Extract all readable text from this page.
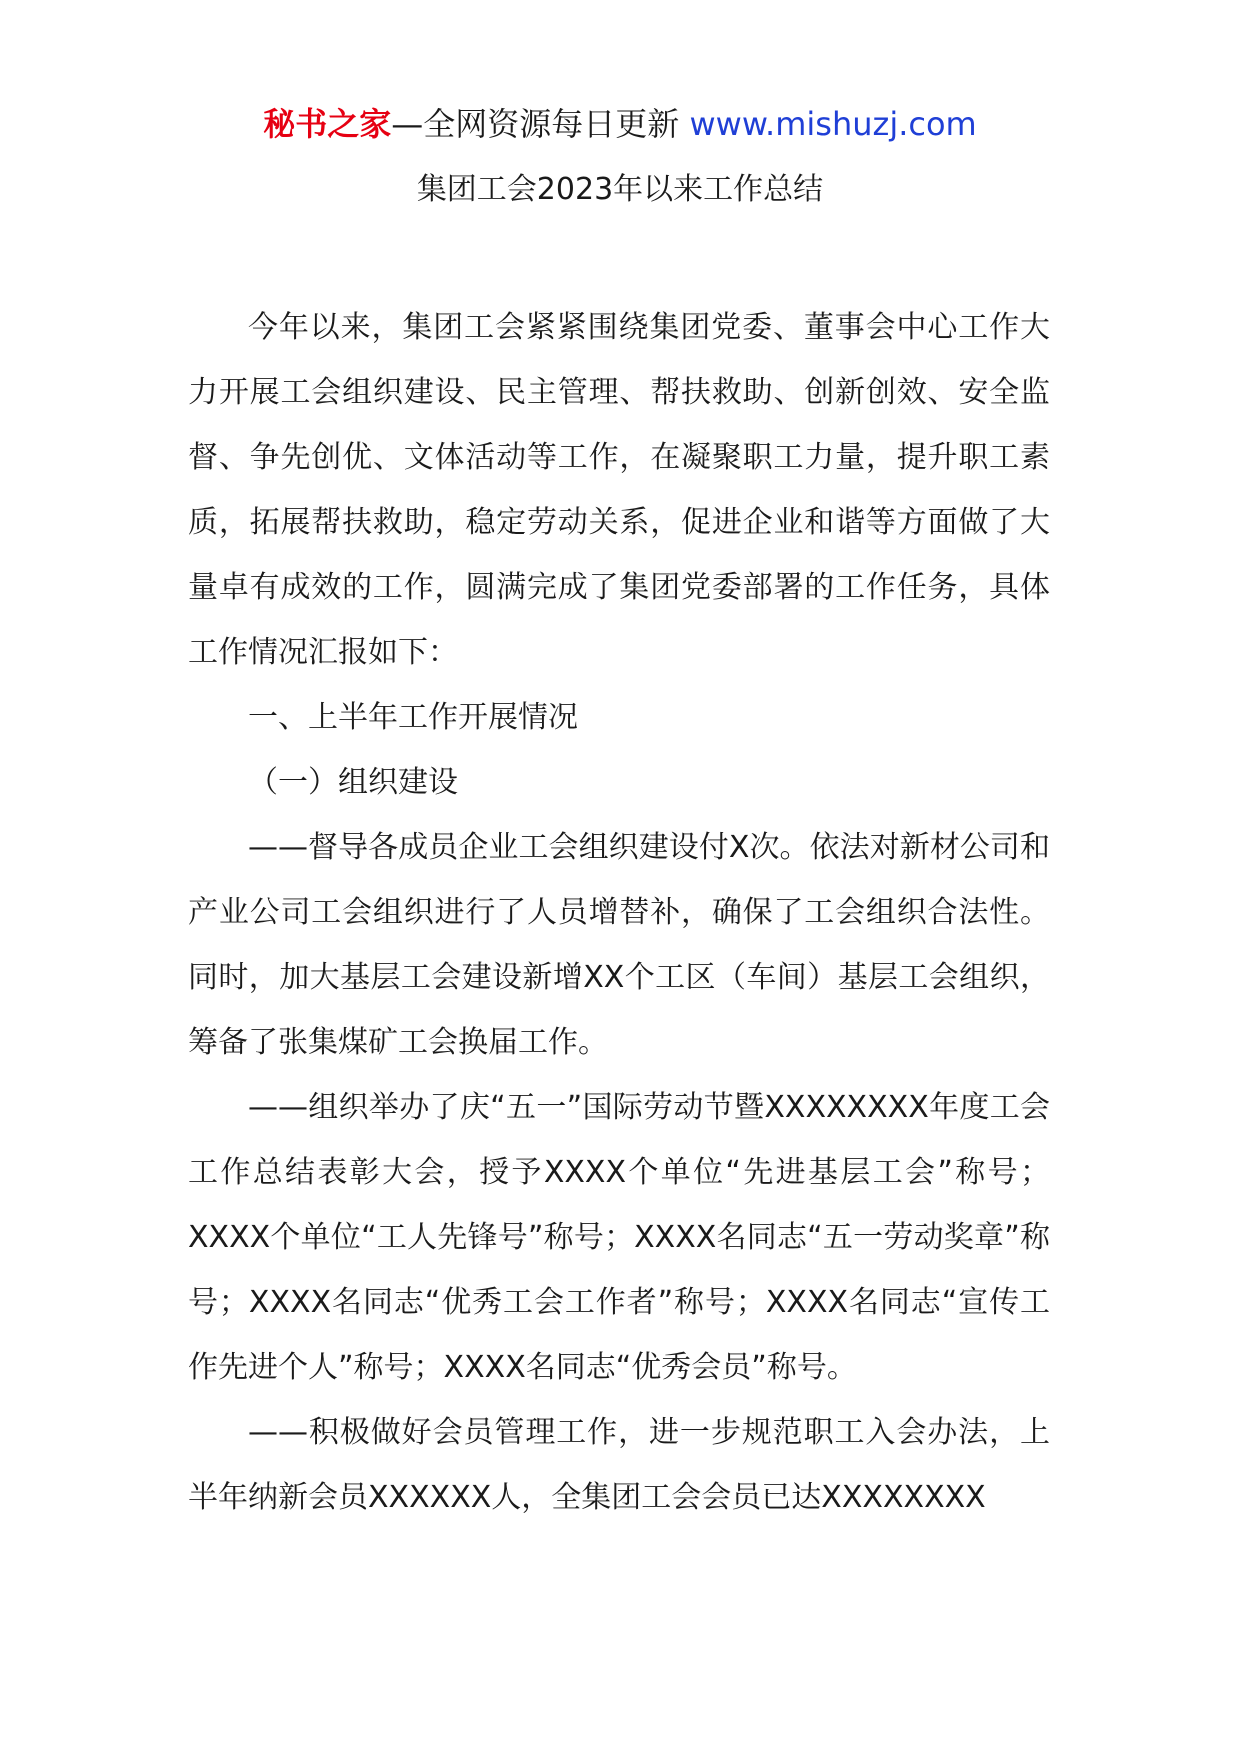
秘书之家—全网资源每日更新 www.mishuzj.com
集团工会2023年以来工作总结

今年以来，集团工会紧紧围绕集团党委、董事会中心工作大力开展工会组织建设、民主管理、帮扶救助、创新创效、安全监督、争先创优、文体活动等工作，在凝聚职工力量，提升职工素质，拓展帮扶救助，稳定劳动关系，促进企业和谐等方面做了大量卓有成效的工作，圆满完成了集团党委部署的工作任务，具体工作情况汇报如下：

一、上半年工作开展情况

（一）组织建设

——督导各成员企业工会组织建设付X次。依法对新材公司和产业公司工会组织进行了人员增替补，确保了工会组织合法性。同时，加大基层工会建设新增XX个工区（车间）基层工会组织，筹备了张集煤矿工会换届工作。

——组织举办了庆“五一”国际劳动节暨XXXXXXXX年度工会工作总结表彰大会，授予XXXX个单位“先进基层工会”称号；XXXX个单位“工人先锋号”称号；XXXX名同志“五一劳动奖章”称号；XXXX名同志“优秀工会工作者”称号；XXXX名同志“宣传工作先进个人”称号；XXXX名同志“优秀会员”称号。

——积极做好会员管理工作，进一步规范职工入会办法，上半年纳新会员XXXXXX人，全集团工会会员已达XXXXXXXX
